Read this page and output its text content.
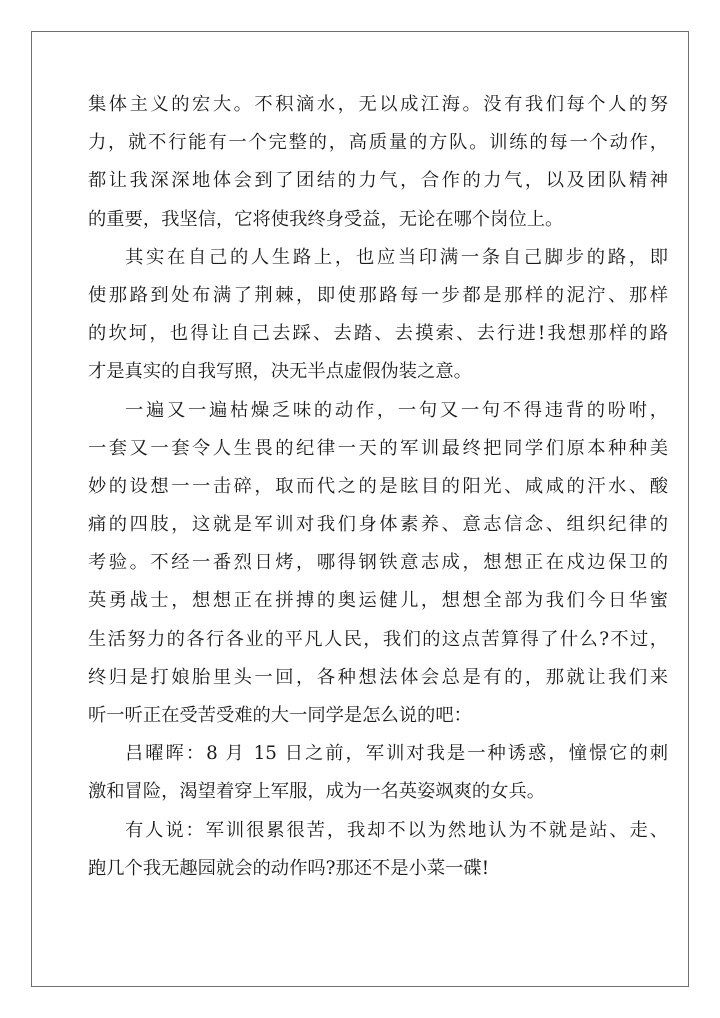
集体主义的宏大。不积滴水，无以成江海。没有我们每个人的努
力，就不行能有一个完整的，高质量的方队。训练的每一个动作，
都让我深深地体会到了团结的力气，合作的力气，以及团队精神
的重要，我坚信，它将使我终身受益，无论在哪个岗位上。
其实在自己的人生路上，也应当印满一条自己脚步的路，即
使那路到处布满了荆棘，即使那路每一步都是那样的泥泞、那样
的坎坷，也得让自己去踩、去踏、去摸索、去行进!我想那样的路
才是真实的自我写照，决无半点虚假伪装之意。
一遍又一遍枯燥乏味的动作，一句又一句不得违背的吩咐，
一套又一套令人生畏的纪律一天的军训最终把同学们原本种种美
妙的设想一一击碎，取而代之的是眩目的阳光、咸咸的汗水、酸
痛的四肢，这就是军训对我们身体素养、意志信念、组织纪律的
考验。不经一番烈日烤，哪得钢铁意志成，想想正在戍边保卫的
英勇战士，想想正在拼搏的奥运健儿，想想全部为我们今日华蜜
生活努力的各行各业的平凡人民，我们的这点苦算得了什么?不过，
终归是打娘胎里头一回，各种想法体会总是有的，那就让我们来
听一听正在受苦受难的大一同学是怎么说的吧：
吕曜晖：8 月 15 日之前，军训对我是一种诱惑，憧憬它的刺
激和冒险，渴望着穿上军服，成为一名英姿飒爽的女兵。
有人说：军训很累很苦，我却不以为然地认为不就是站、走、
跑几个我无趣园就会的动作吗?那还不是小菜一碟!
